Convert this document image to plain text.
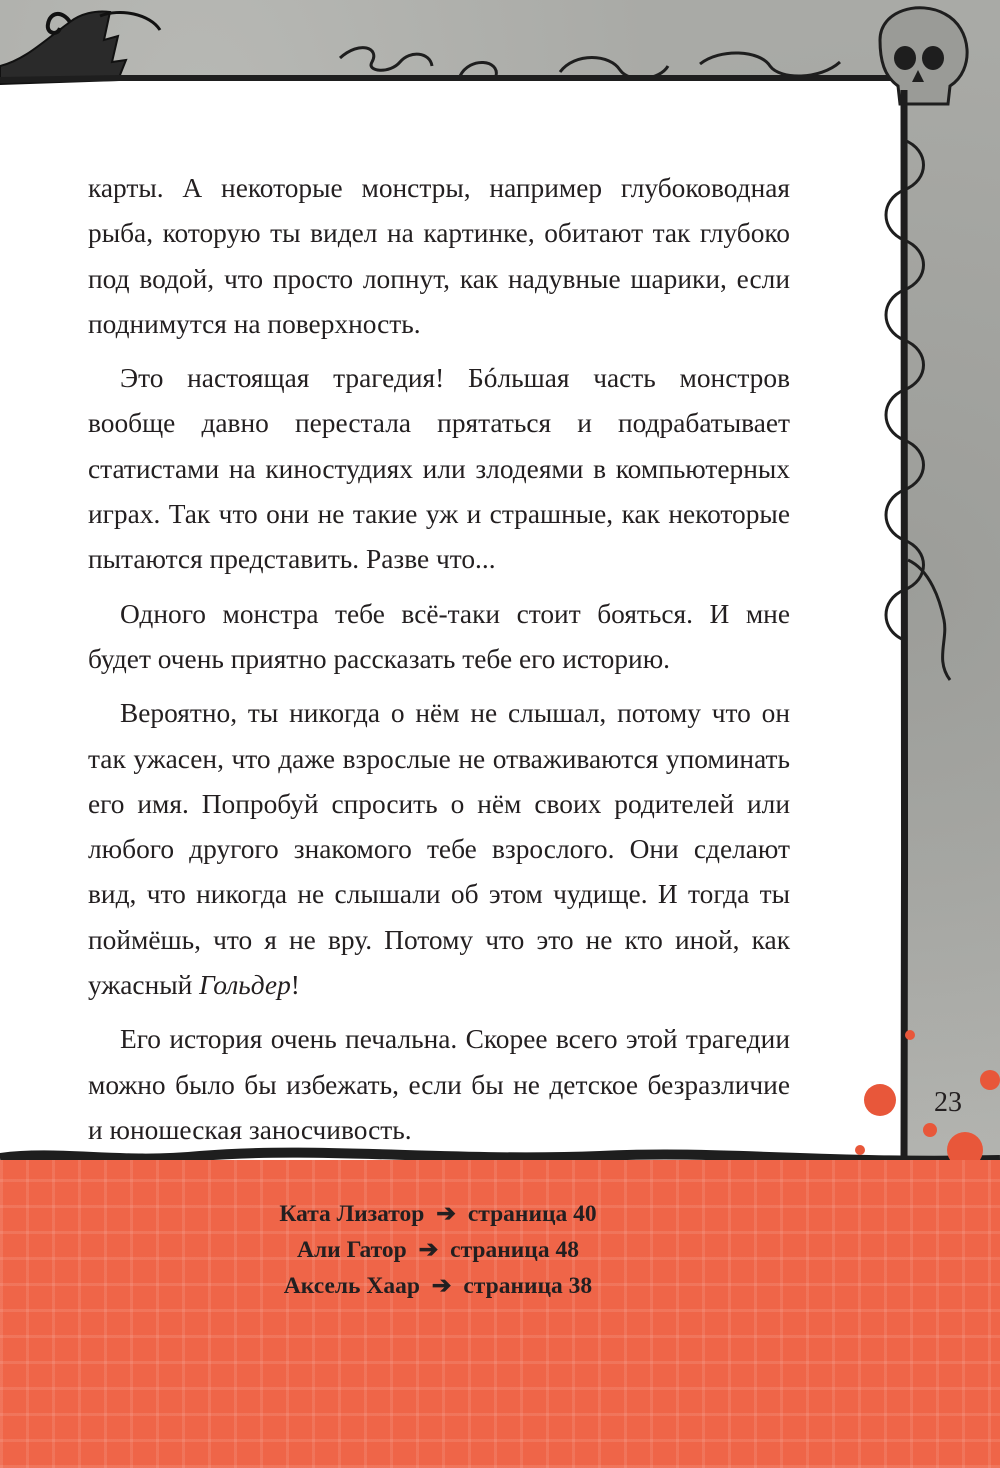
карты. А некоторые монстры, например глубоководная рыба, которую ты видел на картинке, обитают так глубоко под водой, что просто лопнут, как надувные шарики, если поднимутся на поверхность.

Это настоящая трагедия! Бóльшая часть монстров вообще давно перестала прятаться и подрабатывает статистами на киностудиях или злодеями в компьютерных играх. Так что они не такие уж и страшные, как некоторые пытаются представить. Разве что...

Одного монстра тебе всё-таки стоит бояться. И мне будет очень приятно рассказать тебе его историю.

Вероятно, ты никогда о нём не слышал, потому что он так ужасен, что даже взрослые не отваживаются упоминать его имя. Попробуй спросить о нём своих родителей или любого другого знакомого тебе взрослого. Они сделают вид, что никогда не слышали об этом чудище. И тогда ты поймёшь, что я не вру. Потому что это не кто иной, как ужасный Гольдер!

Его история очень печальна. Скорее всего этой трагедии можно было бы избежать, если бы не детское безразличие и юношеская заносчивость.

23
Ката Лизатор ➔ страница 40
Али Гатор ➔ страница 48
Аксель Хаар ➔ страница 38
